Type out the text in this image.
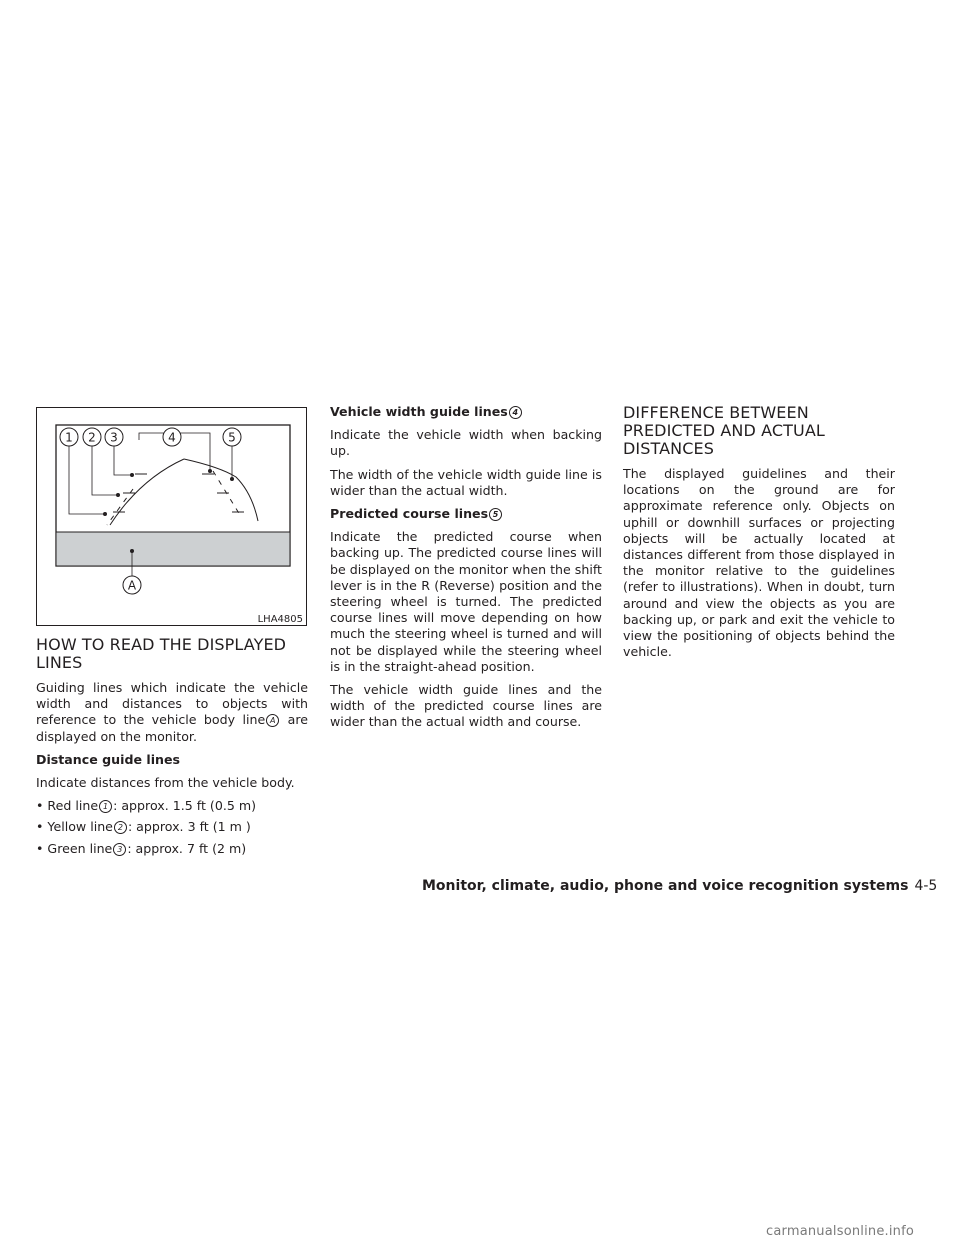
1 2 3	4	5
A
LHA4805
HOW TO READ THE DISPLAYED LINES

Guiding lines which indicate the vehicle width and distances to objects with reference to the vehicle body line A are displayed on the monitor.

Distance guide lines

Indicate distances from the vehicle body.

• Red line 1 : approx. 1.5 ft (0.5 m)

• Yellow line 2 : approx. 3 ft (1 m )

• Green line 3 : approx. 7 ft (2 m)

Vehicle width guide lines 4

Indicate the vehicle width when backing up.

The width of the vehicle width guide line is wider than the actual width.

Predicted course lines 5

Indicate the predicted course when backing up. The predicted course lines will be displayed on the monitor when the shift lever is in the R (Reverse) position and the steering wheel is turned. The predicted course lines will move depending on how much the steering wheel is turned and will not be displayed while the steering wheel is in the straight-ahead position.

The vehicle width guide lines and the width of the predicted course lines are wider than the actual width and course.

DIFFERENCE BETWEEN PREDICTED AND ACTUAL DISTANCES

The displayed guidelines and their locations on the ground are for approximate reference only. Objects on uphill or downhill surfaces or projecting objects will be actually located at distances different from those displayed in the monitor relative to the guidelines (refer to illustrations). When in doubt, turn around and view the objects as you are backing up, or park and exit the vehicle to view the positioning of objects behind the vehicle.

Monitor, climate, audio, phone and voice recognition systems 4-5
carmanualsonline.info
